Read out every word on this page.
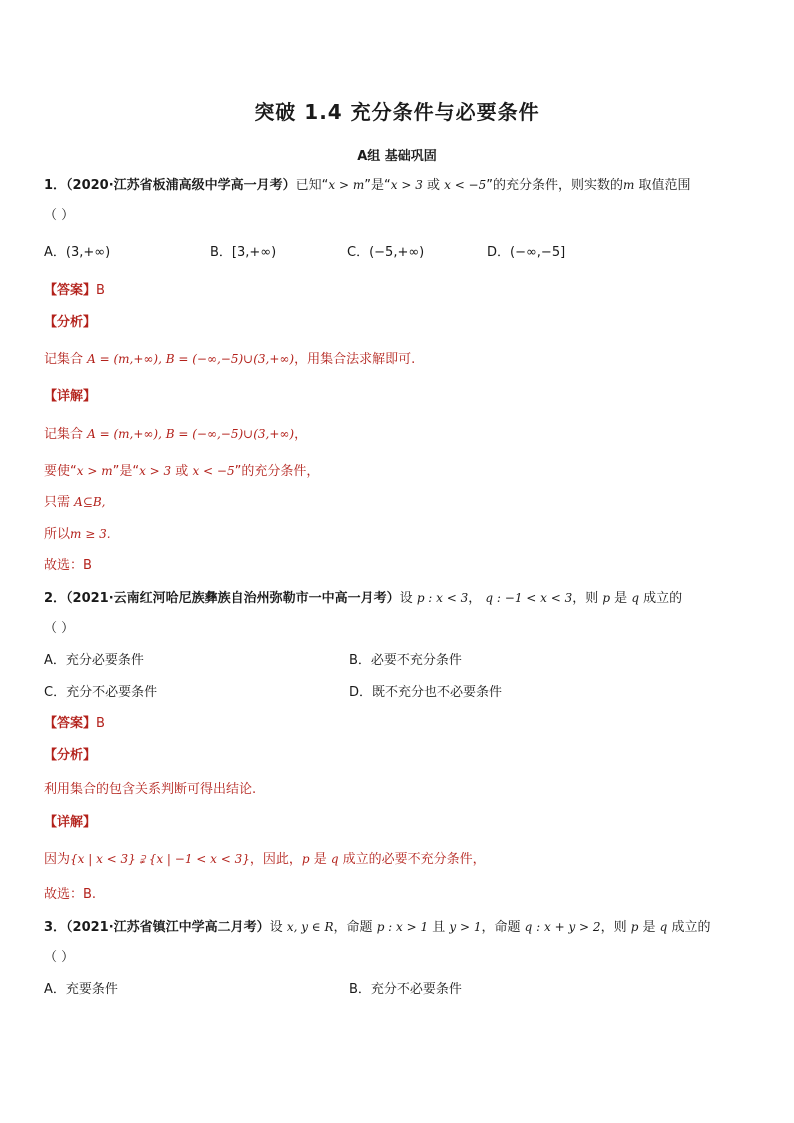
突破 1.4 充分条件与必要条件
A组 基础巩固
1．（2020·江苏省板浦高级中学高一月考）已知“x > m”是“x > 3 或 x < −5”的充分条件，则实数的m 取值范围
（ ）
A．(3,+∞)	B．[3,+∞)	C．(−5,+∞)	D．(−∞,−5]
【答案】B
【分析】
记集合 A = (m,+∞), B = (−∞,−5)∪(3,+∞)，用集合法求解即可.
【详解】
记集合 A = (m,+∞), B = (−∞,−5)∪(3,+∞)，
要使“x > m”是“x > 3 或 x < −5”的充分条件，
只需 A⊆B,
所以m ≥ 3.
故选：B
2．（2021·云南红河哈尼族彝族自治州弥勒市一中高一月考）设 p : x < 3， q : −1 < x < 3，则 p 是 q 成立的
（ ）
A．充分必要条件	B．必要不充分条件
C．充分不必要条件	D．既不充分也不必要条件
【答案】B
【分析】
利用集合的包含关系判断可得出结论.
【详解】
因为{x | x < 3} ⫌ {x | −1 < x < 3}，因此，p 是 q 成立的必要不充分条件，
故选：B.
3．（2021·江苏省镇江中学高二月考）设 x, y ∈ R，命题 p : x > 1 且 y > 1，命题 q : x + y > 2，则 p 是 q 成立的
（ ）
A．充要条件	B．充分不必要条件
